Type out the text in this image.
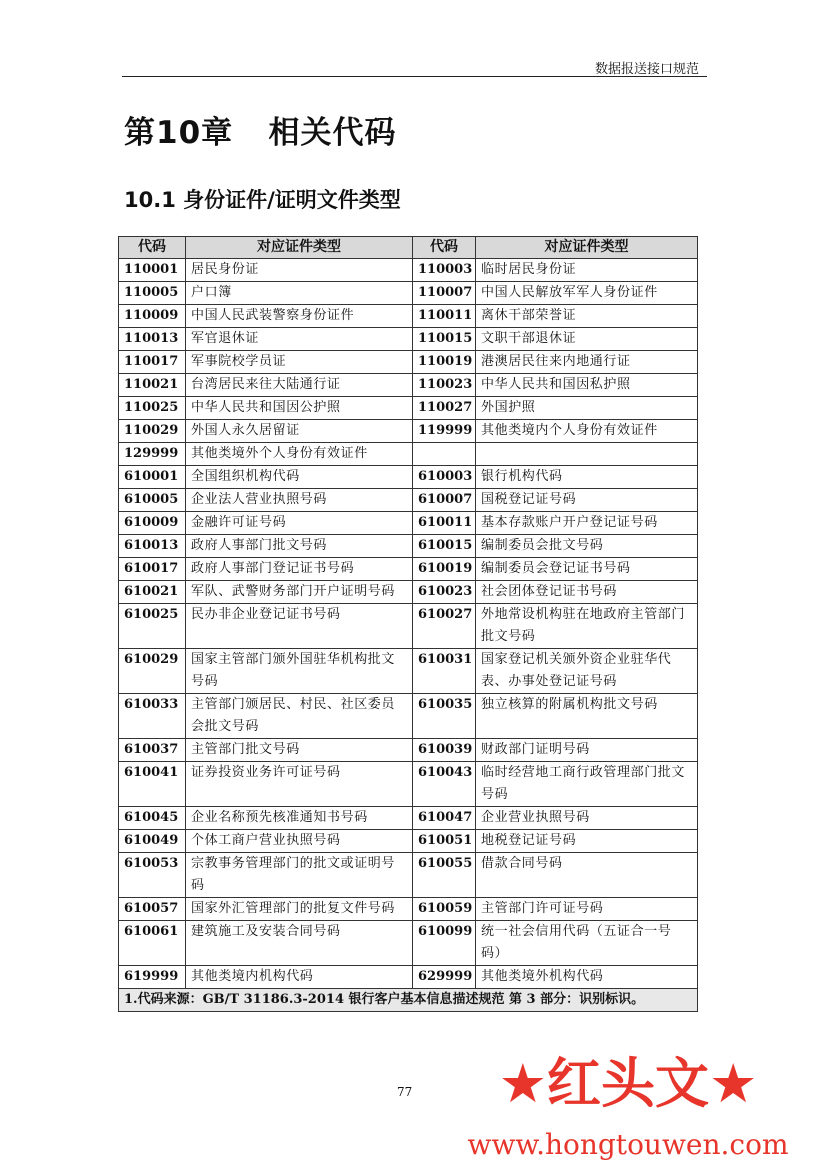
数据报送接口规范
第10章 相关代码
10.1 身份证件/证明文件类型
代码	对应证件类型	代码	对应证件类型
110001	居民身份证	110003	临时居民身份证
110005	户口簿	110007	中国人民解放军军人身份证件
110009	中国人民武装警察身份证件	110011	离休干部荣誉证
110013	军官退休证	110015	文职干部退休证
110017	军事院校学员证	110019	港澳居民往来内地通行证
110021	台湾居民来往大陆通行证	110023	中华人民共和国因私护照
110025	中华人民共和国因公护照	110027	外国护照
110029	外国人永久居留证	119999	其他类境内个人身份有效证件
129999	其他类境外个人身份有效证件		
610001	全国组织机构代码	610003	银行机构代码
610005	企业法人营业执照号码	610007	国税登记证号码
610009	金融许可证号码	610011	基本存款账户开户登记证号码
610013	政府人事部门批文号码	610015	编制委员会批文号码
610017	政府人事部门登记证书号码	610019	编制委员会登记证书号码
610021	军队、武警财务部门开户证明号码	610023	社会团体登记证书号码
610025	民办非企业登记证书号码	610027	外地常设机构驻在地政府主管部门批文号码
610029	国家主管部门颁外国驻华机构批文号码	610031	国家登记机关颁外资企业驻华代表、办事处登记证号码
610033	主管部门颁居民、村民、社区委员会批文号码	610035	独立核算的附属机构批文号码
610037	主管部门批文号码	610039	财政部门证明号码
610041	证券投资业务许可证号码	610043	临时经营地工商行政管理部门批文号码
610045	企业名称预先核准通知书号码	610047	企业营业执照号码
610049	个体工商户营业执照号码	610051	地税登记证号码
610053	宗教事务管理部门的批文或证明号码	610055	借款合同号码
610057	国家外汇管理部门的批复文件号码	610059	主管部门许可证号码
610061	建筑施工及安装合同号码	610099	统一社会信用代码（五证合一号码）
619999	其他类境内机构代码	629999	其他类境外机构代码
1.代码来源：GB/T 31186.3-2014 银行客户基本信息描述规范 第 3 部分：识别标识。			
77 ★红头文★
www.hongtouwen.com
